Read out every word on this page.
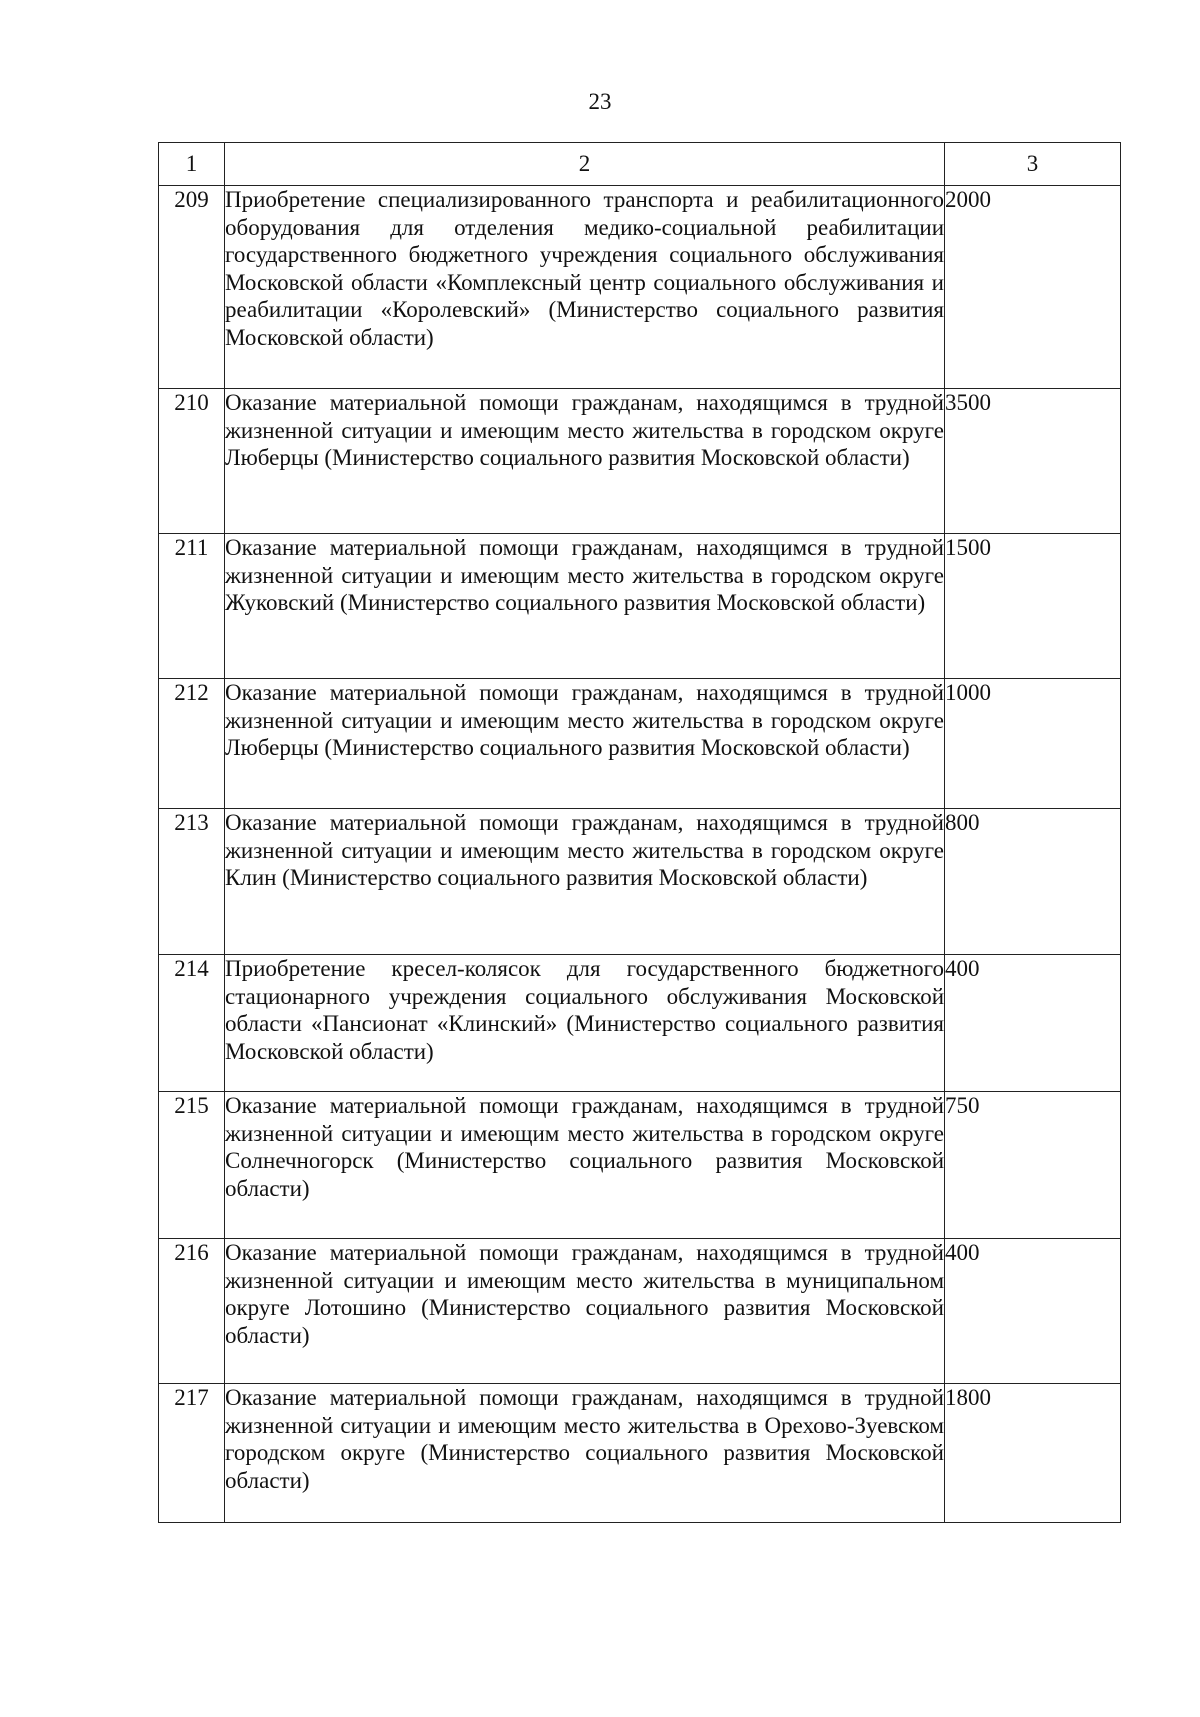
23
1	2	3
209	Приобретение специализированного транспорта и реабилитационного оборудования для отделения медико-социальной реабилитации государственного бюджетного учреждения социального обслуживания Московской области «Комплексный центр социального обслуживания и реабилитации «Королевский» (Министерство социального развития Московской области)	2000
210	Оказание материальной помощи гражданам, находящимся в трудной жизненной ситуации и имеющим место жительства в городском округе Люберцы (Министерство социального развития Московской области)	3500
211	Оказание материальной помощи гражданам, находящимся в трудной жизненной ситуации и имеющим место жительства в городском округе Жуковский (Министерство социального развития Московской области)	1500
212	Оказание материальной помощи гражданам, находящимся в трудной жизненной ситуации и имеющим место жительства в городском округе Люберцы (Министерство социального развития Московской области)	1000
213	Оказание материальной помощи гражданам, находящимся в трудной жизненной ситуации и имеющим место жительства в городском округе Клин (Министерство социального развития Московской области)	800
214	Приобретение кресел-колясок для государственного бюджетного стационарного учреждения социального обслуживания Московской области «Пансионат «Клинский» (Министерство социального развития Московской области)	400
215	Оказание материальной помощи гражданам, находящимся в трудной жизненной ситуации и имеющим место жительства в городском округе Солнечногорск (Министерство социального развития Московской области)	750
216	Оказание материальной помощи гражданам, находящимся в трудной жизненной ситуации и имеющим место жительства в муниципальном округе Лотошино (Министерство социального развития Московской области)	400
217	Оказание материальной помощи гражданам, находящимся в трудной жизненной ситуации и имеющим место жительства в Орехово-Зуевском городском округе (Министерство социального развития Московской области)	1800
